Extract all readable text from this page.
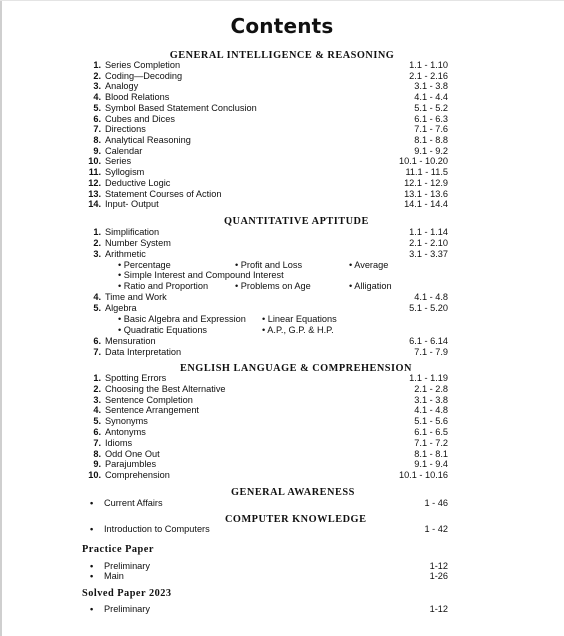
Contents
GENERAL INTELLIGENCE & REASONING
1. Series Completion	1.1 - 1.10
2. Coding—Decoding	2.1 - 2.16
3. Analogy	3.1 - 3.8
4. Blood Relations	4.1 - 4.4
5. Symbol Based Statement Conclusion	5.1 - 5.2
6. Cubes and Dices	6.1 - 6.3
7. Directions	7.1 - 7.6
8. Analytical Reasoning	8.1 - 8.8
9. Calendar	9.1 - 9.2
10. Series	10.1 - 10.20
11. Syllogism	11.1 - 11.5
12. Deductive Logic	12.1 - 12.9
13. Statement Courses of Action	13.1 - 13.6
14. Input- Output	14.1 - 14.4
QUANTITATIVE APTITUDE
1. Simplification	1.1 - 1.14
2. Number System	2.1 - 2.10
3. Arithmetic	3.1 - 3.37
• Percentage	• Profit and Loss	• Average
• Simple Interest and Compound Interest
• Ratio and Proportion	• Problems on Age	• Alligation
4. Time and Work	4.1 - 4.8
5. Algebra	5.1 - 5.20
• Basic Algebra and Expression • Linear Equations
• Quadratic Equations	• A.P., G.P. & H.P.
6. Mensuration	6.1 - 6.14
7. Data Interpretation	7.1 - 7.9
ENGLISH LANGUAGE & COMPREHENSION
1. Spotting Errors	1.1 - 1.19
2. Choosing the Best Alternative	2.1 - 2.8
3. Sentence Completion	3.1 - 3.8
4. Sentence Arrangement	4.1 - 4.8
5. Synonyms	5.1 - 5.6
6. Antonyms	6.1 - 6.5
7. Idioms	7.1 - 7.2
8. Odd One Out	8.1 - 8.1
9. Parajumbles	9.1 - 9.4
10. Comprehension	10.1 - 10.16
GENERAL AWARENESS
• Current Affairs	1 - 46
COMPUTER KNOWLEDGE
• Introduction to Computers	1 - 42
Practice Paper
• Preliminary	1-12
• Main	1-26
Solved Paper 2023
• Preliminary	1-12
